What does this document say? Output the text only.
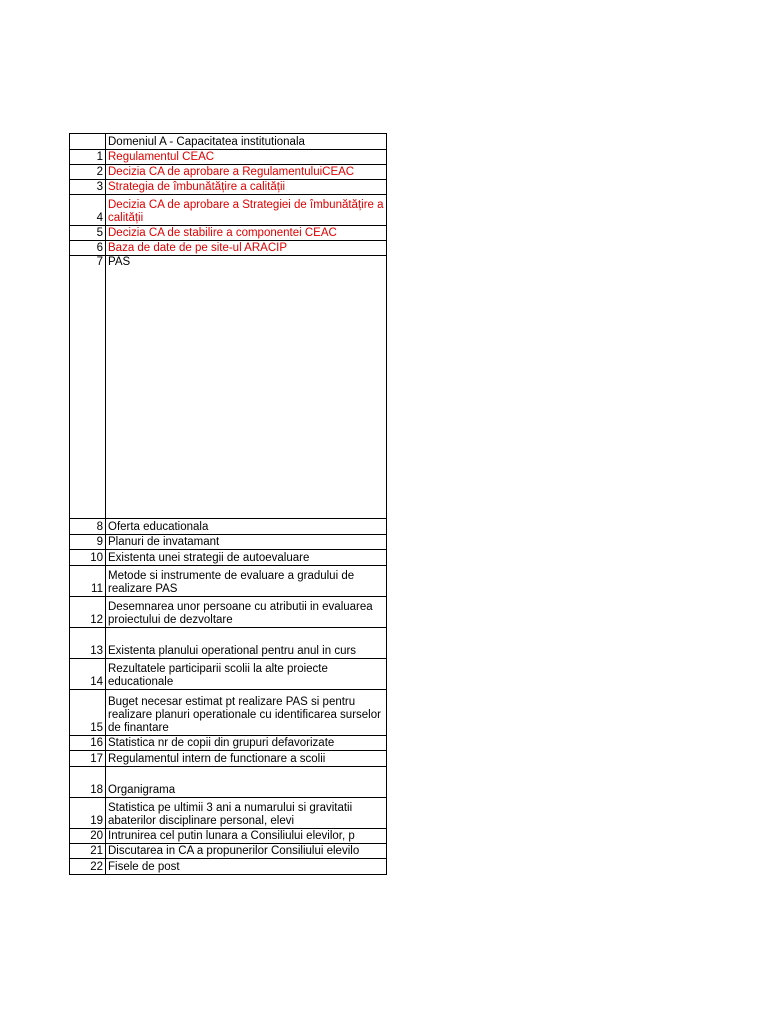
	Domeniul A - Capacitatea institutionala
1	Regulamentul CEAC
2	Decizia CA de aprobare a RegulamentuluiCEAC
3	Strategia de îmbunătățire a calității
4	Decizia CA de aprobare a Strategiei de îmbunătățire a calității
5	Decizia CA de stabilire a componentei CEAC
6	Baza de date de pe site-ul ARACIP
7	PAS
8	Oferta educationala
9	Planuri de invatamant
10	Existenta unei strategii de autoevaluare
11	Metode si instrumente de evaluare a gradului de realizare PAS
12	Desemnarea unor persoane cu atributii in evaluarea proiectului de dezvoltare
13	Existenta planului operational pentru anul in curs
14	Rezultatele participarii scolii la alte proiecte educationale
15	Buget necesar estimat pt realizare PAS si pentru realizare planuri operationale cu identificarea surselor de finantare
16	Statistica nr de copii din grupuri defavorizate
17	Regulamentul intern de functionare a scolii
18	Organigrama
19	Statistica pe ultimii 3 ani a numarului si gravitatii abaterilor disciplinare personal, elevi
20	Intrunirea cel putin lunara a Consiliului elevilor, p
21	Discutarea in CA a propunerilor Consiliului elevilo
22	Fisele de post
